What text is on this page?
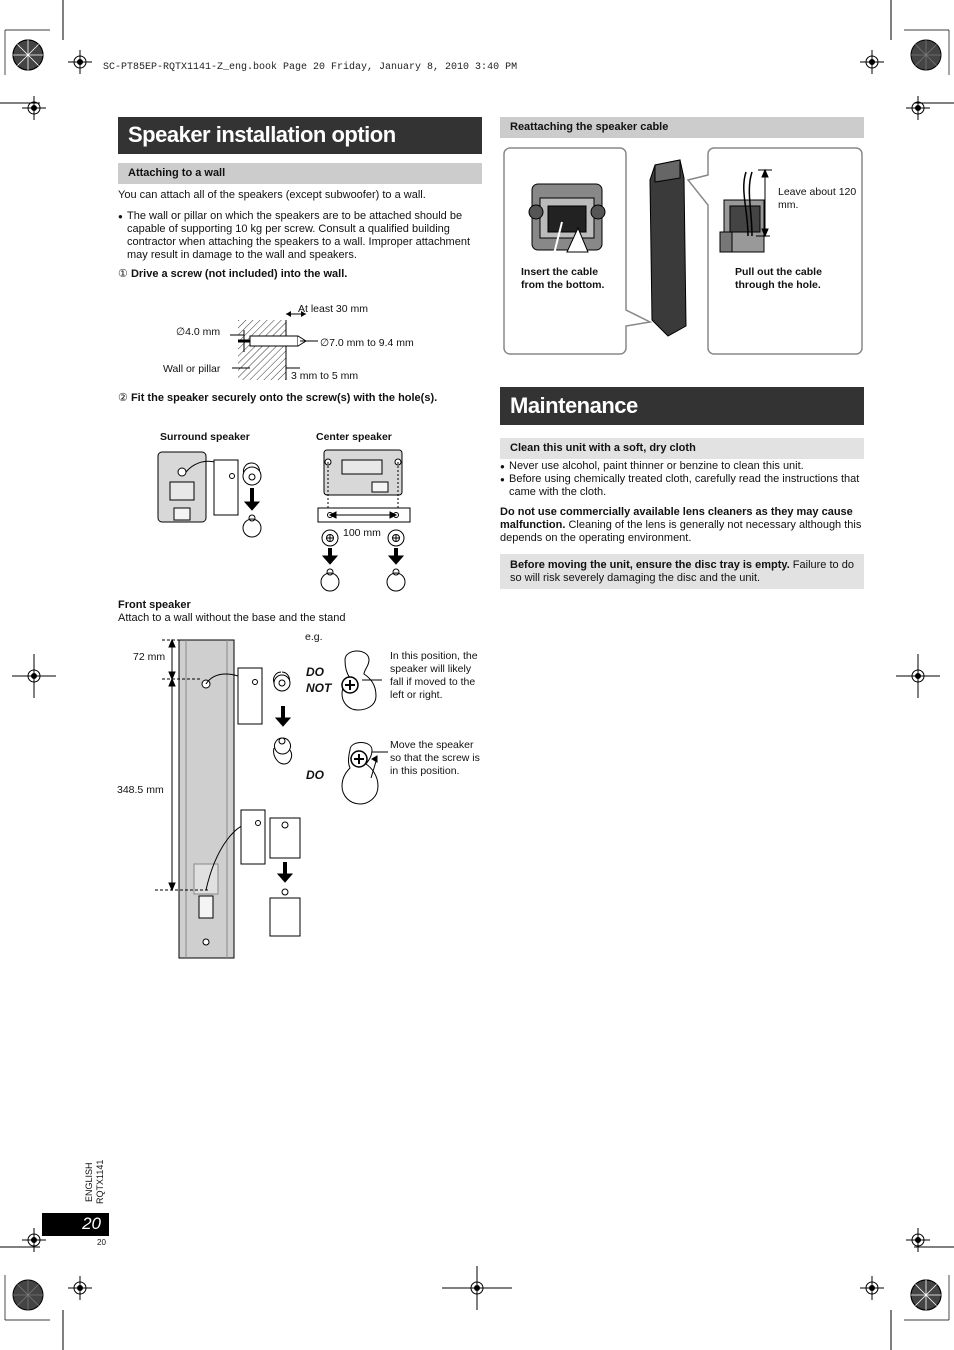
SC-PT85EP-RQTX1141-Z_eng.book Page 20 Friday, January 8, 2010 3:40 PM
Speaker installation option
Attaching to a wall
You can attach all of the speakers (except subwoofer) to a wall.
● The wall or pillar on which the speakers are to be attached should be capable of supporting 10 kg per screw. Consult a qualified building contractor when attaching the speakers to a wall. Improper attachment may result in damage to the wall and speakers.
① Drive a screw (not included) into the wall.
At least 30 mm
∅4.0 mm
∅7.0 mm to 9.4 mm
Wall or pillar
3 mm to 5 mm
② Fit the speaker securely onto the screw(s) with the hole(s).
Surround speaker	Center speaker
100 mm
Front speaker
Attach to a wall without the base and the stand
e.g.
72 mm
348.5 mm
DO
NOT
In this position, the speaker will likely fall if moved to the left or right.
DO
Move the speaker so that the screw is in this position.
Reattaching the speaker cable
Insert the cable from the bottom.
Leave about 120 mm.
Pull out the cable through the hole.
Maintenance
Clean this unit with a soft, dry cloth
● Never use alcohol, paint thinner or benzine to clean this unit.
● Before using chemically treated cloth, carefully read the instructions that came with the cloth.
Do not use commercially available lens cleaners as they may cause malfunction. Cleaning of the lens is generally not necessary although this depends on the operating environment.
Before moving the unit, ensure the disc tray is empty. Failure to do so will risk severely damaging the disc and the unit.
ENGLISH RQTX1141
20
20
